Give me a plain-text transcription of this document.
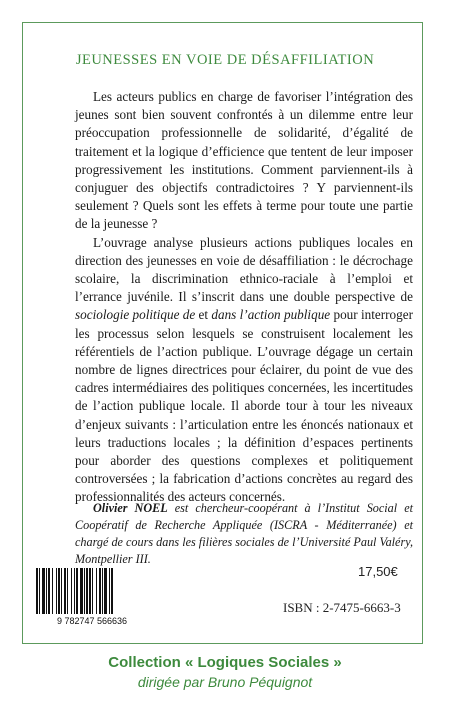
JEUNESSES EN VOIE DE DÉSAFFILIATION

Les acteurs publics en charge de favoriser l’intégration des jeunes sont bien souvent confrontés à un dilemme entre leur préoccupation professionnelle de solidarité, d’égalité de traitement et la logique d’efficience que tentent de leur imposer progressivement les institutions. Comment parviennent-ils à conjuguer des objectifs contradictoires ? Y parviennent-ils seulement ? Quels sont les effets à terme pour toute une partie de la jeunesse ?

L’ouvrage analyse plusieurs actions publiques locales en direction des jeunesses en voie de désaffiliation : le décrochage scolaire, la discrimination ethnico-raciale à l’emploi et l’errance juvénile. Il s’inscrit dans une double perspective de sociologie politique de et dans l’action publique pour interroger les processus selon lesquels se construisent localement les référentiels de l’action publique. L’ouvrage dégage un certain nombre de lignes directrices pour éclairer, du point de vue des cadres intermédiaires des politiques concernées, les incertitudes de l’action publique locale. Il aborde tour à tour les niveaux d’enjeux suivants : l’articulation entre les énoncés nationaux et leurs traductions locales ; la définition d’espaces pertinents pour aborder des questions complexes et politiquement controversées ; la fabrication d’actions concrètes au regard des professionnalités des acteurs concernés.

Olivier NOEL est chercheur-coopérant à l’Institut Social et Coopératif de Recherche Appliquée (ISCRA - Méditerranée) et chargé de cours dans les filières sociales de l’Université Paul Valéry, Montpellier III.
9 782747 566636
17,50€
ISBN : 2-7475-6663-3
Collection « Logiques Sociales »
dirigée par Bruno Péquignot
